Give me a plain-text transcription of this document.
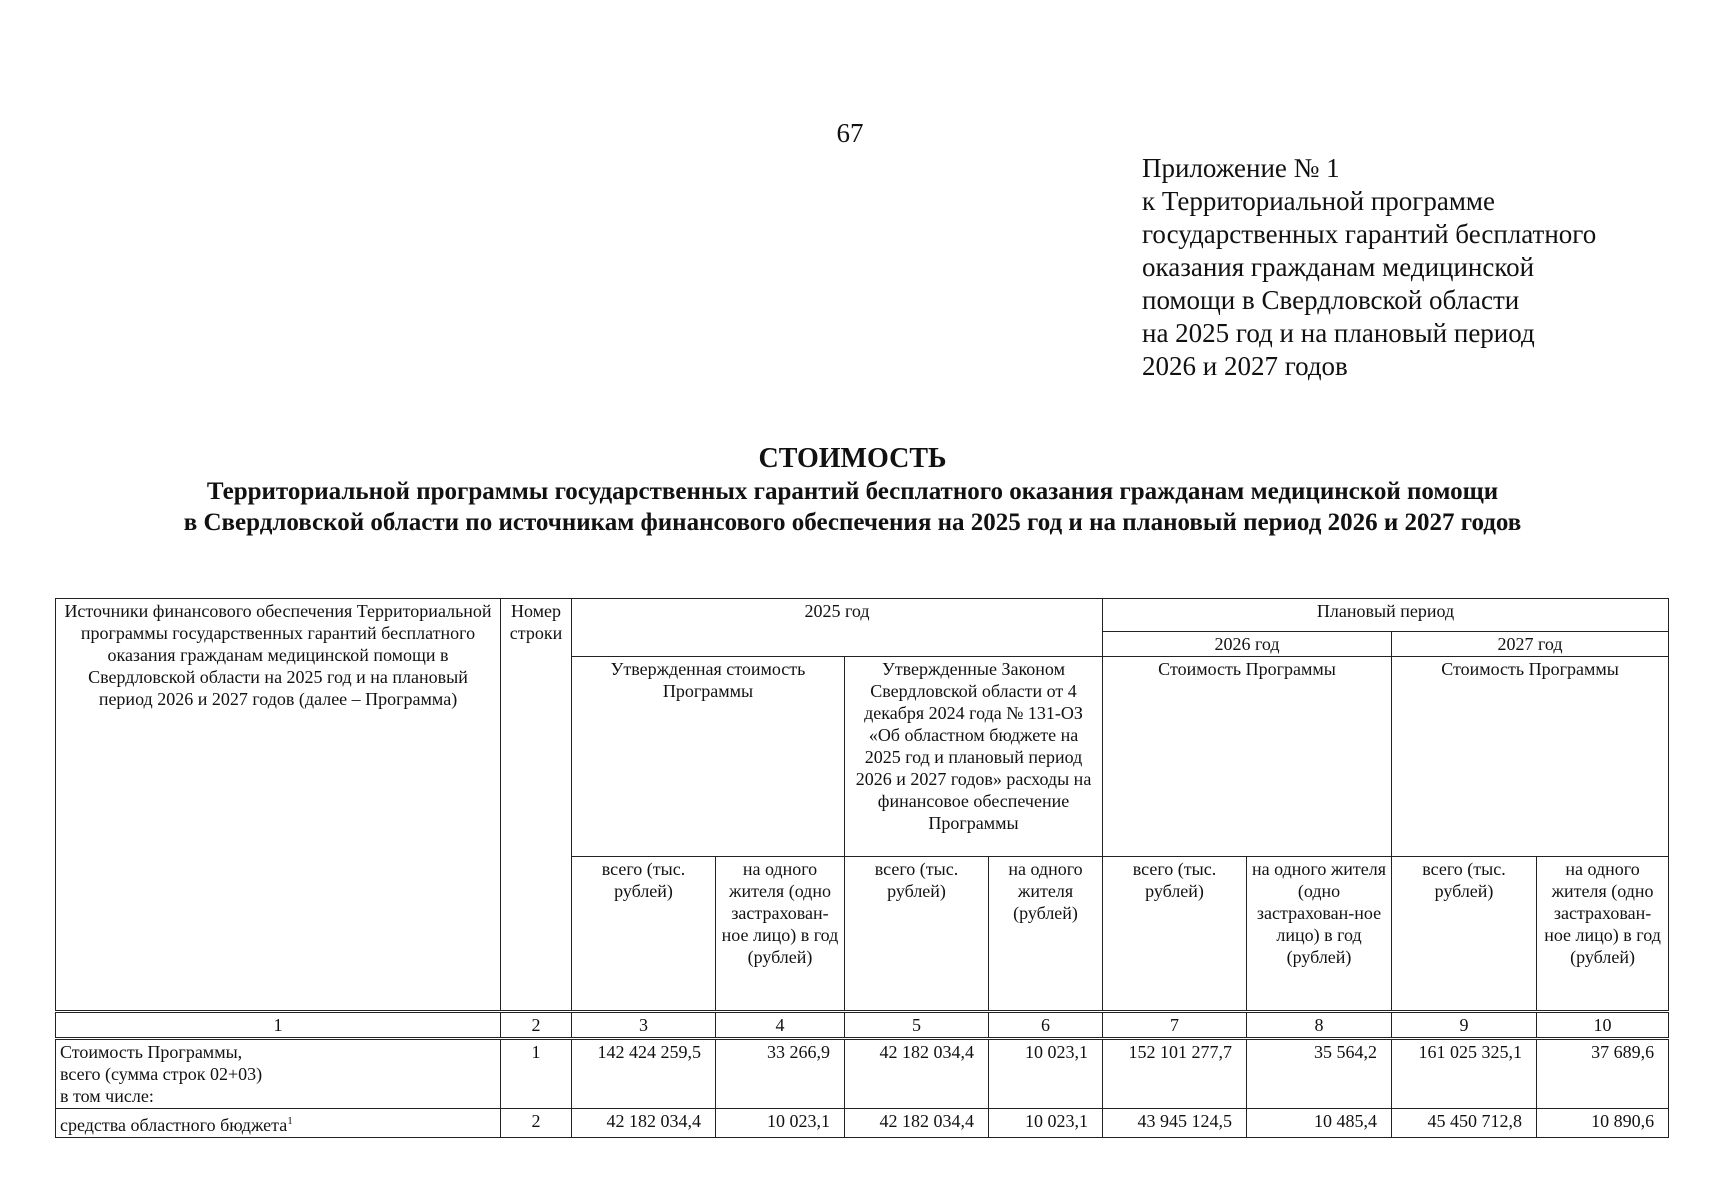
67
Приложение № 1
к Территориальной программе
государственных гарантий бесплатного
оказания гражданам медицинской
помощи в Свердловской области
на 2025 год и на плановый период
2026 и 2027 годов
СТОИМОСТЬ
Территориальной программы государственных гарантий бесплатного оказания гражданам медицинской помощи
в Свердловской области по источникам финансового обеспечения на 2025 год и на плановый период 2026 и 2027 годов
Источники финансового обеспечения Территориальной программы государственных гарантий бесплатного оказания гражданам медицинской помощи в Свердловской области на 2025 год и на плановый период 2026 и 2027 годов (далее – Программа)	Номер строки	2025 год				Плановый период			
						2026 год		2027 год	
		Утвержденная стоимость Программы		Утвержденные Законом Свердловской области от 4 декабря 2024 года № 131-ОЗ «Об областном бюджете на 2025 год и плановый период 2026 и 2027 годов» расходы на финансовое обеспечение Программы		Стоимость Программы		Стоимость Программы	
		всего (тыс. рублей)	на одного жителя (одно застрахован-ное лицо) в год (рублей)	всего (тыс. рублей)	на одного жителя (рублей)	всего (тыс. рублей)	на одного жителя (одно застрахован-ное лицо) в год (рублей)	всего (тыс. рублей)	на одного жителя (одно застрахован-ное лицо) в год (рублей)
1	2	3	4	5	6	7	8	9	10

Стоимость Программы,
всего (сумма строк 02+03)
в том числе:	1	142 424 259,5	33 266,9	42 182 034,4	10 023,1	152 101 277,7	35 564,2	161 025 325,1	37 689,6
средства областного бюджета$^1$	2	42 182 034,4	10 023,1	42 182 034,4	10 023,1	43 945 124,5	10 485,4	45 450 712,8	10 890,6
